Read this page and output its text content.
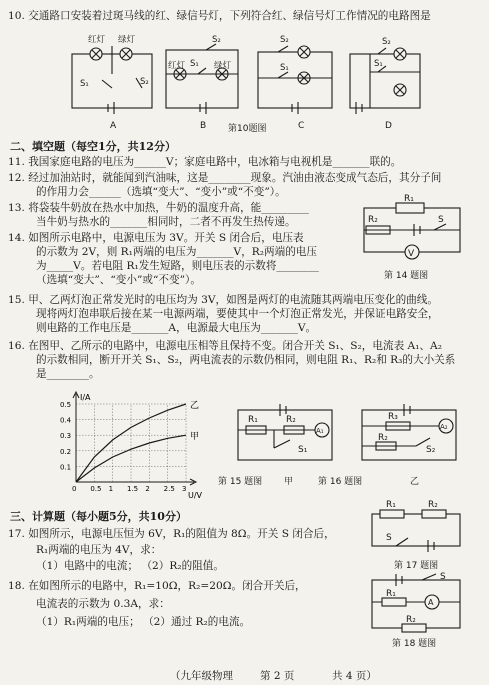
10. 交通路口安装着过斑马线的红、绿信号灯，下列符合红、绿信号灯工作情况的电路图是
红灯 绿灯
S₁	S₂
红灯	绿灯
S₂
S₁
S₂
S₁
S₂
S₁
A	B 第10题图	C	D
二、填空题（每空1分，共12分）
11. 我国家庭电路的电压为______V；家庭电路中，电冰箱与电视机是_______联的。
12. 经过加油站时，就能闻到汽油味，这是________现象。汽油由液态变成气态后，其分子间
的作用力会______（选填“变大”、“变小”或“不变”）。
13. 将袋装牛奶放在热水中加热，牛奶的温度升高，能_________
当牛奶与热水的_______相同时，二者不再发生热传递。
14. 如图所示电路中，电源电压为 3V。开关 S 闭合后，电压表
的示数为 2V，则 R₁两端的电压为_______V，R₂两端的电压
为_____V。若电阻 R₁发生短路，则电压表的示数将________
（选填“变大”、“变小”或“不变”）。
R₁
R₂	S
V
第 14 题图
15. 甲、乙两灯泡正常发光时的电压均为 3V，如图是两灯的电流随其两端电压变化的曲线。
现将两灯泡串联后接在某一电源两端，要使其中一个灯泡正常发光，并保证电路安全，
则电路的工作电压是_______A，电源最大电压为_______V。
16. 在图甲、乙所示的电路中，电源电压相等且保持不变。闭合开关 S₁、S₂，电流表 A₁、A₂
的示数相同，断开开关 S₁、S₂，两电流表的示数仍相同，则电阻 R₁、R₂和 R₃的大小关系
是________。
I/A
U/V
0 0.5 1 1.5 2 2.5 3
0.1
0.2
0.3
0.4
0.5	乙
甲
第 15 题图
R₁	R₂
A₁
S₁
甲	第 16 题图
R₃
R₂
A₂
S₂
乙
三、计算题（每小题5分，共10分）
17. 如图所示，电源电压恒为 6V，R₁的阻值为 8Ω。开关 S 闭合后，
R₁两端的电压为 4V，求：
（1）电路中的电流； （2）R₂的阻值。
R₁	R₂
S
第 17 题图
18. 在如图所示的电路中，R₁=10Ω，R₂=20Ω。闭合开关后，
电流表的示数为 0.3A，求：
（1）R₁两端的电压； （2）通过 R₂的电流。
S
R₁
A
R₂
第 18 题图
（九年级物理	第 2 页	共 4 页）
